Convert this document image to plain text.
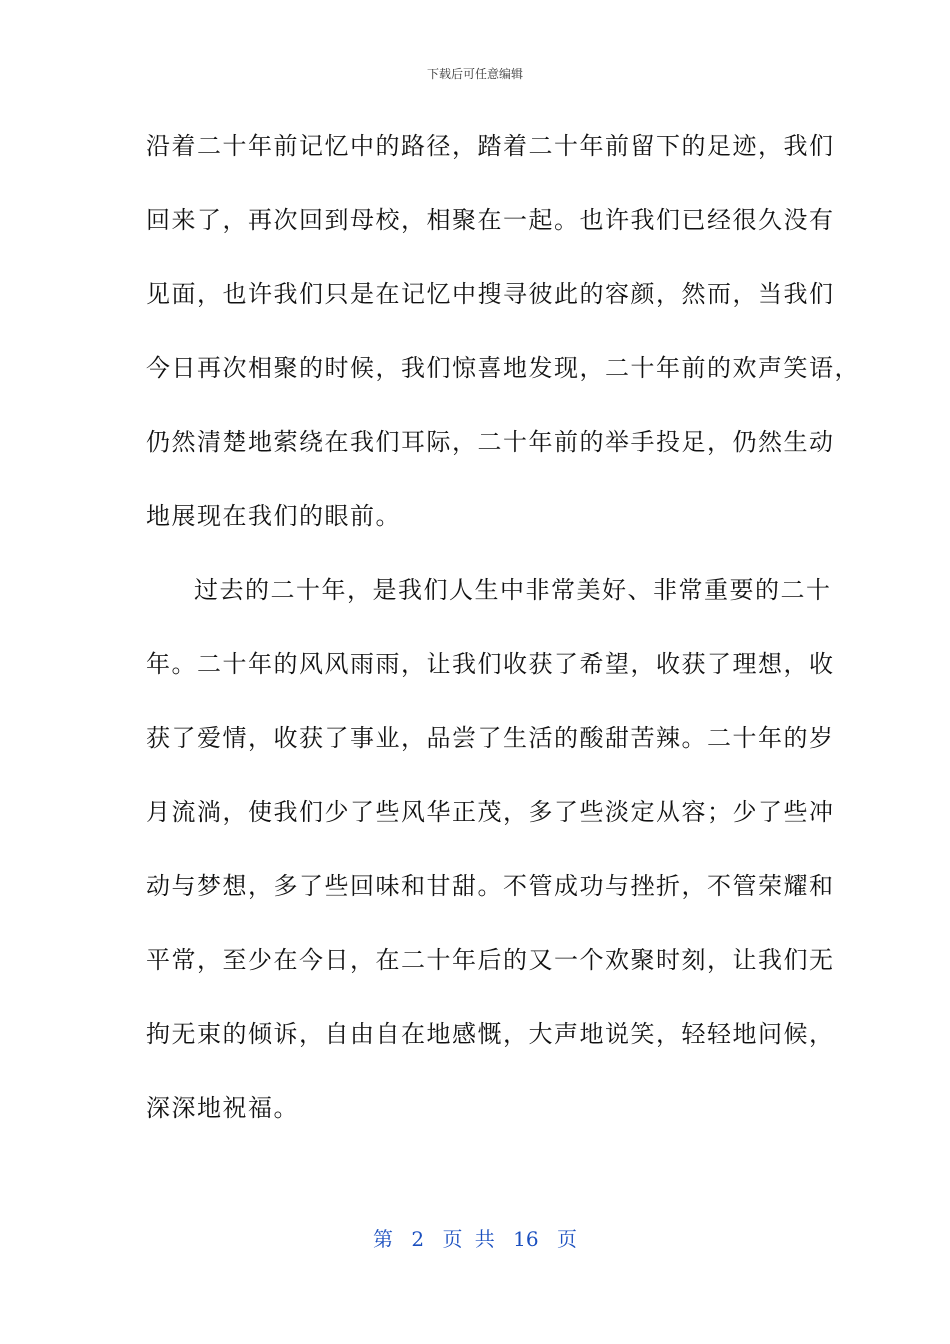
下载后可任意编辑
沿着二十年前记忆中的路径，踏着二十年前留下的足迹，我们
回来了，再次回到母校，相聚在一起。也许我们已经很久没有
见面，也许我们只是在记忆中搜寻彼此的容颜，然而，当我们
今日再次相聚的时候，我们惊喜地发现，二十年前的欢声笑语，
仍然清楚地萦绕在我们耳际，二十年前的举手投足，仍然生动
地展现在我们的眼前。
过去的二十年，是我们人生中非常美好、非常重要的二十
年。二十年的风风雨雨，让我们收获了希望，收获了理想，收
获了爱情，收获了事业，品尝了生活的酸甜苦辣。二十年的岁
月流淌，使我们少了些风华正茂，多了些淡定从容；少了些冲
动与梦想，多了些回味和甘甜。不管成功与挫折，不管荣耀和
平常，至少在今日，在二十年后的又一个欢聚时刻，让我们无
拘无束的倾诉，自由自在地感慨，大声地说笑，轻轻地问候，
深深地祝福。
第 2 页 共 16 页
